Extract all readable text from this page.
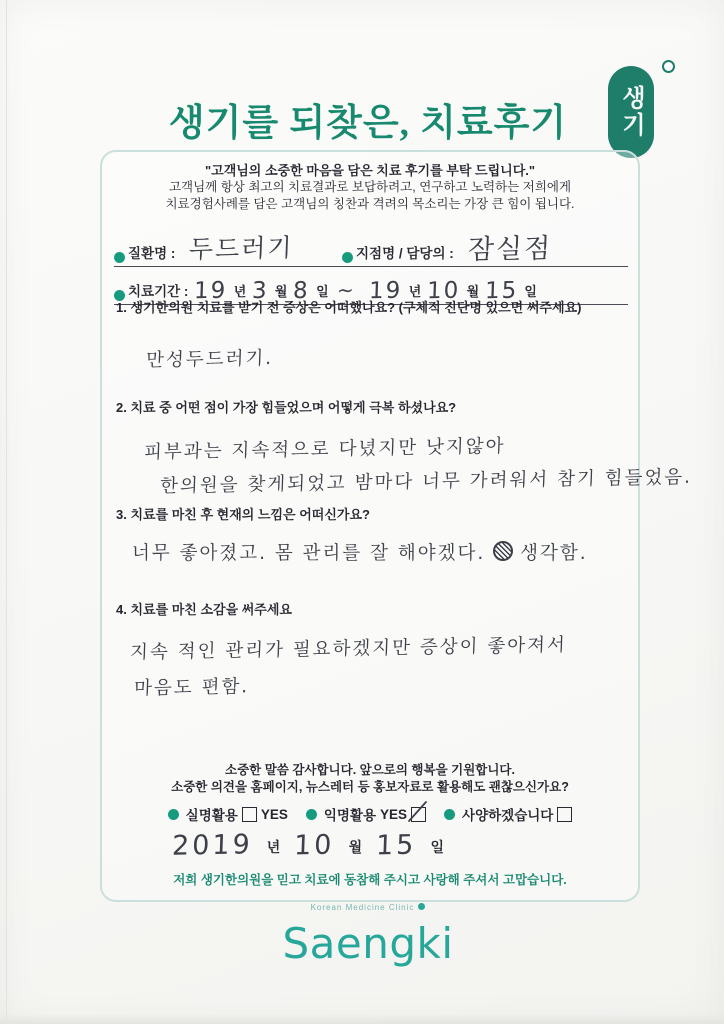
생기를 되찾은, 치료후기	생기
"고객님의 소중한 마음을 담은 치료 후기를 부탁 드립니다."
고객님께 항상 최고의 치료결과로 보답하려고, 연구하고 노력하는 저희에게
치료경험사례를 담은 고객님의 칭찬과 격려의 목소리는 가장 큰 힘이 됩니다.
질환명 : 두드러기	지점명 / 담당의 : 잠실점
치료기간 : 19 년 3 월 8 일 ~ 19 년 10 월 15 일
1. 생기한의원 치료를 받기 전 증상은 어떠했나요? (구체적 진단명 있으면 써주세요)
만성두드러기.
2. 치료 중 어떤 점이 가장 힘들었으며 어떻게 극복 하셨나요?
피부과는 지속적으로 다녔지만 낫지않아
한의원을 찾게되었고 밤마다 너무 가려워서 참기 힘들었음.
3. 치료를 마친 후 현재의 느낌은 어떠신가요?
너무 좋아졌고. 몸 관리를 잘 해야겠다. 생각함.
4. 치료를 마친 소감을 써주세요
지속 적인 관리가 필요하겠지만 증상이 좋아져서
마음도 편함.
소중한 말씀 감사합니다. 앞으로의 행복을 기원합니다.
소중한 의견을 홈페이지, 뉴스레터 등 홍보자료로 활용해도 괜찮으신가요?
실명활용 YES	익명활용 YES	사양하겠습니다
2019 년 10 월 15 일
저희 생기한의원을 믿고 치료에 동참해 주시고 사랑해 주셔서 고맙습니다.
$^{Korean Medicine Clinic}$
Saengki
